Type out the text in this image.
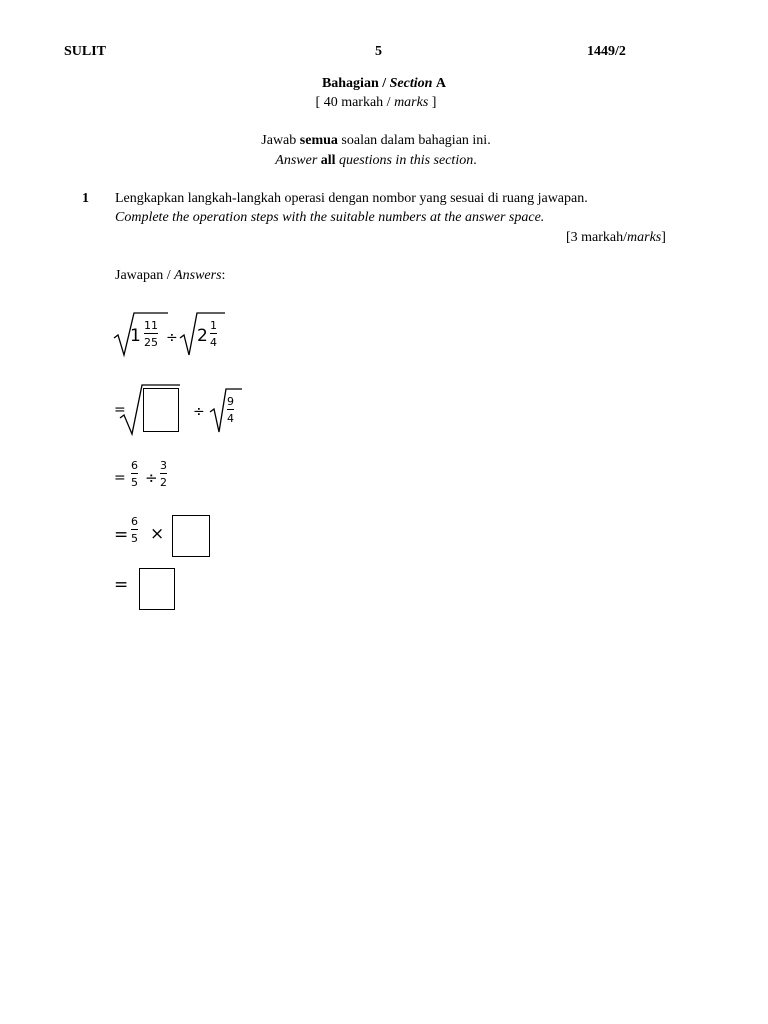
SULIT	5	1449/2
Bahagian / Section A
[ 40 markah / marks ]
Jawab semua soalan dalam bahagian ini.
Answer all questions in this section.
1 Lengkapkan langkah-langkah operasi dengan nombor yang sesuai di ruang jawapan.
Complete the operation steps with the suitable numbers at the answer space.
[3 markah/marks]
Jawapan / Answers:
1
11
25 ÷ 2
1
4
=	÷
9
4
=
6
5 ÷
3
2
=
6
5 ×
=
